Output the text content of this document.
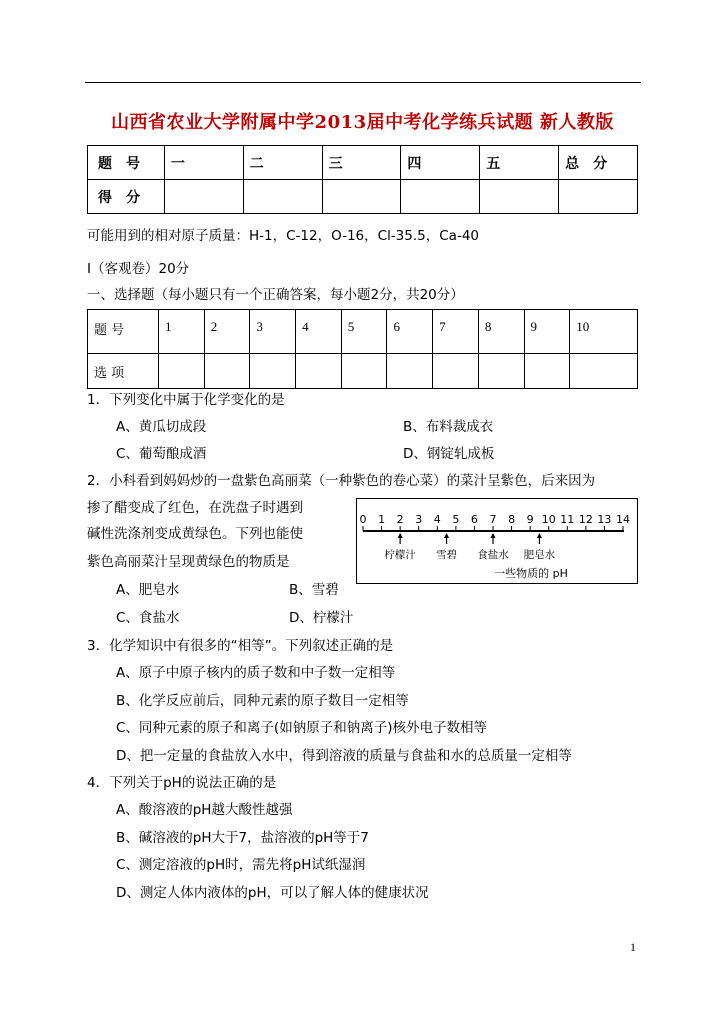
山西省农业大学附属中学2013届中考化学练兵试题 新人教版
题　号	一	二	三	四	五	总　分
得　分						
可能用到的相对原子质量：H-1，C-12，O-16，Cl-35.5，Ca-40
Ⅰ（客观卷）20分
一、选择题（每小题只有一个正确答案，每小题2分，共20分）
题 号	1	2	3	4	5	6	7	8	9	10
选 项										
1．下列变化中属于化学变化的是
A、黄瓜切成段	B、布料裁成衣
C、葡萄酿成酒	D、钢锭轧成板
2．小科看到妈妈炒的一盘紫色高丽菜（一种紫色的卷心菜）的菜汁呈紫色，后来因为
掺了醋变成了红色，在洗盘子时遇到
碱性洗涤剂变成黄绿色。下列也能使
紫色高丽菜汁呈现黄绿色的物质是
A、肥皂水	B、雪碧
C、食盐水	D、柠檬汁
0 1 2 3 4 5 6 7 8 9 10 11 12 13 14
柠檬汁 雪碧 食盐水 肥皂水
一些物质的 pH
3．化学知识中有很多的“相等”。下列叙述正确的是
A、原子中原子核内的质子数和中子数一定相等
B、化学反应前后，同种元素的原子数目一定相等
C、同种元素的原子和离子(如钠原子和钠离子)核外电子数相等
D、把一定量的食盐放入水中，得到溶液的质量与食盐和水的总质量一定相等
4．下列关于pH的说法正确的是
A、酸溶液的pH越大酸性越强
B、碱溶液的pH大于7，盐溶液的pH等于7
C、测定溶液的pH时，需先将pH试纸湿润
D、测定人体内液体的pH，可以了解人体的健康状况
1
